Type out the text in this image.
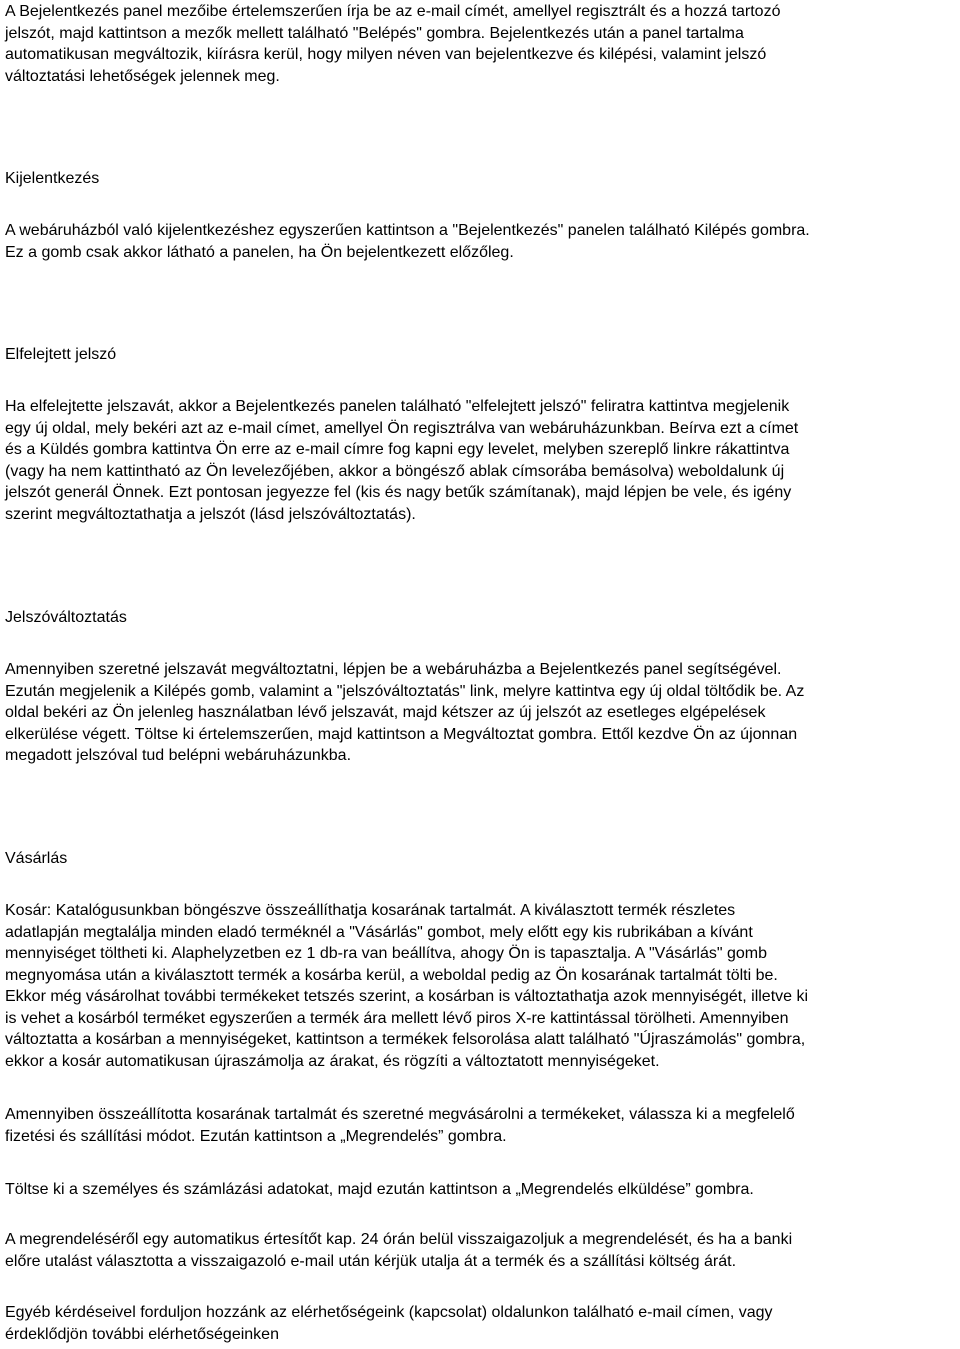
A Bejelentkezés panel mezőibe értelemszerűen írja be az e-mail címét, amellyel regisztrált és a hozzá tartozó
jelszót, majd kattintson a mezők mellett található "Belépés" gombra. Bejelentkezés után a panel tartalma
automatikusan megváltozik, kiírásra kerül, hogy milyen néven van bejelentkezve és kilépési, valamint jelszó
változtatási lehetőségek jelennek meg.
Kijelentkezés
A webáruházból való kijelentkezéshez egyszerűen kattintson a "Bejelentkezés" panelen található Kilépés gombra.
Ez a gomb csak akkor látható a panelen, ha Ön bejelentkezett előzőleg.
Elfelejtett jelszó
Ha elfelejtette jelszavát, akkor a Bejelentkezés panelen található "elfelejtett jelszó" feliratra kattintva megjelenik
egy új oldal, mely bekéri azt az e-mail címet, amellyel Ön regisztrálva van webáruházunkban. Beírva ezt a címet
és a Küldés gombra kattintva Ön erre az e-mail címre fog kapni egy levelet, melyben szereplő linkre rákattintva
(vagy ha nem kattintható az Ön levelezőjében, akkor a böngésző ablak címsorába bemásolva) weboldalunk új
jelszót generál Önnek. Ezt pontosan jegyezze fel (kis és nagy betűk számítanak), majd lépjen be vele, és igény
szerint megváltoztathatja a jelszót (lásd jelszóváltoztatás).
Jelszóváltoztatás
Amennyiben szeretné jelszavát megváltoztatni, lépjen be a webáruházba a Bejelentkezés panel segítségével.
Ezután megjelenik a Kilépés gomb, valamint a "jelszóváltoztatás" link, melyre kattintva egy új oldal töltődik be. Az
oldal bekéri az Ön jelenleg használatban lévő jelszavát, majd kétszer az új jelszót az esetleges elgépelések
elkerülése végett. Töltse ki értelemszerűen, majd kattintson a Megváltoztat gombra. Ettől kezdve Ön az újonnan
megadott jelszóval tud belépni webáruházunkba.
Vásárlás
Kosár: Katalógusunkban böngészve összeállíthatja kosarának tartalmát. A kiválasztott termék részletes
adatlapján megtalálja minden eladó terméknél a "Vásárlás" gombot, mely előtt egy kis rubrikában a kívánt
mennyiséget töltheti ki. Alaphelyzetben ez 1 db-ra van beállítva, ahogy Ön is tapasztalja. A "Vásárlás" gomb
megnyomása után a kiválasztott termék a kosárba kerül, a weboldal pedig az Ön kosarának tartalmát tölti be.
Ekkor még vásárolhat további termékeket tetszés szerint, a kosárban is változtathatja azok mennyiségét, illetve ki
is vehet a kosárból terméket egyszerűen a termék ára mellett lévő piros X-re kattintással törölheti. Amennyiben
változtatta a kosárban a mennyiségeket, kattintson a termékek felsorolása alatt található "Újraszámolás" gombra,
ekkor a kosár automatikusan újraszámolja az árakat, és rögzíti a változtatott mennyiségeket.
Amennyiben összeállította kosarának tartalmát és szeretné megvásárolni a termékeket, válassza ki a megfelelő
fizetési és szállítási módot. Ezután kattintson a „Megrendelés” gombra.
Töltse ki a személyes és számlázási adatokat, majd ezután kattintson a „Megrendelés elküldése” gombra.
A megrendeléséről egy automatikus értesítőt kap. 24 órán belül visszaigazoljuk a megrendelését, és ha a banki
előre utalást választotta a visszaigazoló e-mail után kérjük utalja át a termék és a szállítási költség árát.
Egyéb kérdéseivel forduljon hozzánk az elérhetőségeink (kapcsolat) oldalunkon található e-mail címen, vagy
érdeklődjön további elérhetőségeinken
